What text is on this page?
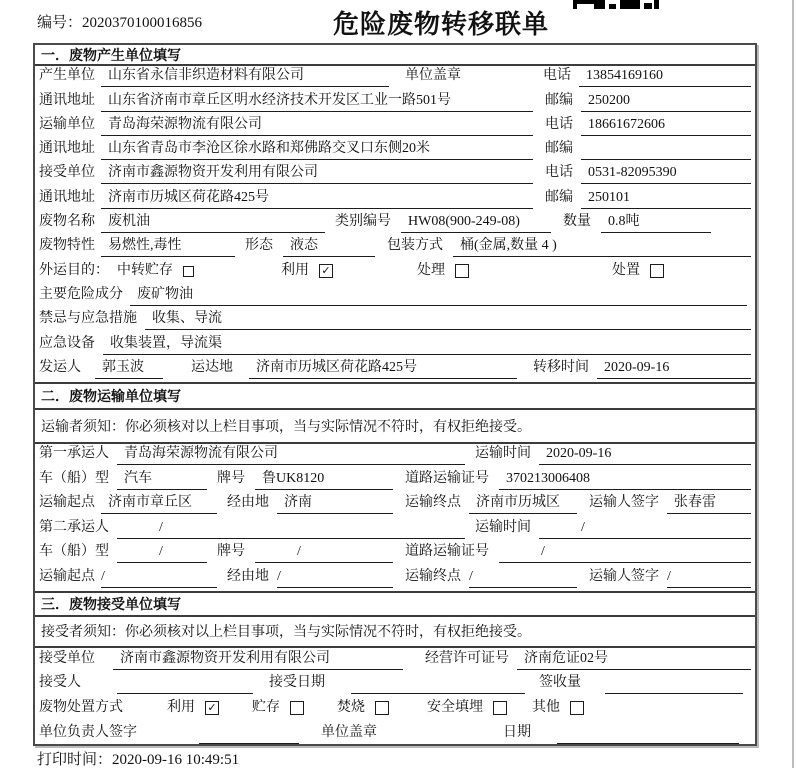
编号：2020370100016856	危险废物转移联单
一．废物产生单位填写
产生单位 山东省永信非织造材料有限公司	单位盖章	电话	13854169160
通讯地址 山东省济南市章丘区明水经济技术开发区工业一路501号	邮编	250200
运输单位 青岛海荣源物流有限公司	电话	18661672606
通讯地址 山东省青岛市李沧区徐水路和郑佛路交叉口东侧20米	邮编
接受单位 济南市鑫源物资开发利用有限公司	电话	0531-82095390
通讯地址 济南市历城区荷花路425号	邮编	250101
废物名称 废机油	类别编号	HW08(900-249-08)	数量	0.8吨
废物特性 易燃性,毒性	形态	液态	包装方式	桶(金属,数量 4 )
外运目的： 中转贮存	利用 ✓	处理	处置
主要危险成分	废矿物油
禁忌与应急措施	收集、导流
应急设备	收集装置，导流渠
发运人	郭玉波	运达地	济南市历城区荷花路425号	转移时间	2020-09-16
二．废物运输单位填写
运输者须知：你必须核对以上栏目事项，当与实际情况不符时，有权拒绝接受。
第一承运人	青岛海荣源物流有限公司	运输时间	2020-09-16
车（船）型	汽车	牌号	鲁UK8120	道路运输证号	370213006408
运输起点 济南市章丘区	经由地	济南	运输终点	济南市历城区	运输人签字	张春雷
第二承运人	/	运输时间	/
车（船）型	/	牌号	/	道路运输证号	/
运输起点 /	经由地 /	运输终点 /	运输人签字 /
三．废物接受单位填写
接受者须知：你必须核对以上栏目事项，当与实际情况不符时，有权拒绝接受。
接受单位	济南市鑫源物资开发利用有限公司	经营许可证号	济南危证02号
接受人	接受日期	签收量
废物处置方式	利用 ✓	贮存	焚烧	安全填埋	其他
单位负责人签字	单位盖章	日期
打印时间：2020-09-16 10:49:51
